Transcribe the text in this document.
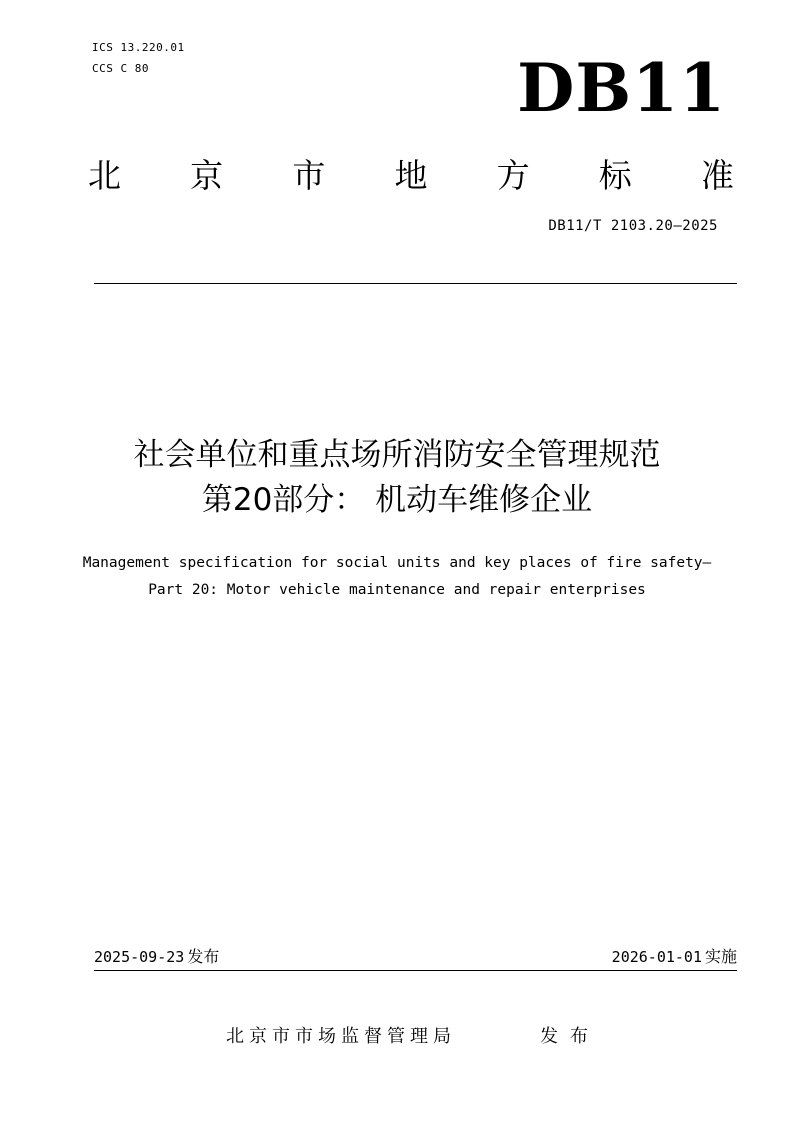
ICS 13.220.01
CCS C 80	DB11
北 京 市 地 方 标 准
DB11/T 2103.20—2025
社会单位和重点场所消防安全管理规范
第20部分： 机动车维修企业
Management specification for social units and key places of fire safety—
Part 20: Motor vehicle maintenance and repair enterprises
2025-09-23 发布	2026-01-01 实施
北京市市场监督管理局	发布
